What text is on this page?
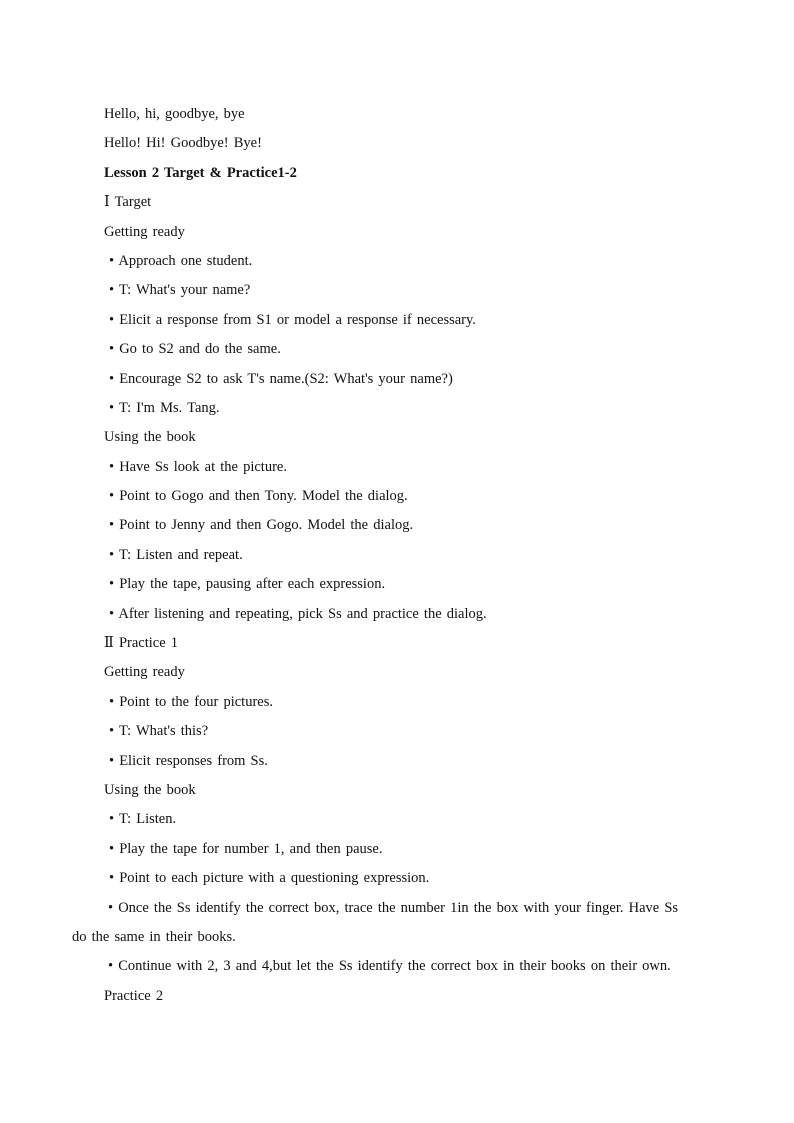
Hello, hi, goodbye, bye
Hello! Hi! Goodbye! Bye!
Lesson 2 Target & Practice1-2
Ⅰ Target
Getting ready
• Approach one student.
• T: What's your name?
• Elicit a response from S1 or model a response if necessary.
• Go to S2 and do the same.
• Encourage S2 to ask T's name.(S2: What's your name?)
• T: I'm Ms. Tang.
Using the book
• Have Ss look at the picture.
• Point to Gogo and then Tony. Model the dialog.
• Point to Jenny and then Gogo. Model the dialog.
• T: Listen and repeat.
• Play the tape, pausing after each expression.
• After listening and repeating, pick Ss and practice the dialog.
Ⅱ Practice 1
Getting ready
• Point to the four pictures.
• T: What's this?
• Elicit responses from Ss.
Using the book
• T: Listen.
• Play the tape for number 1, and then pause.
• Point to each picture with a questioning expression.
• Once the Ss identify the correct box, trace the number 1in the box with your finger. Have Ss
do the same in their books.
• Continue with 2, 3 and 4,but let the Ss identify the correct box in their books on their own.
Practice 2
